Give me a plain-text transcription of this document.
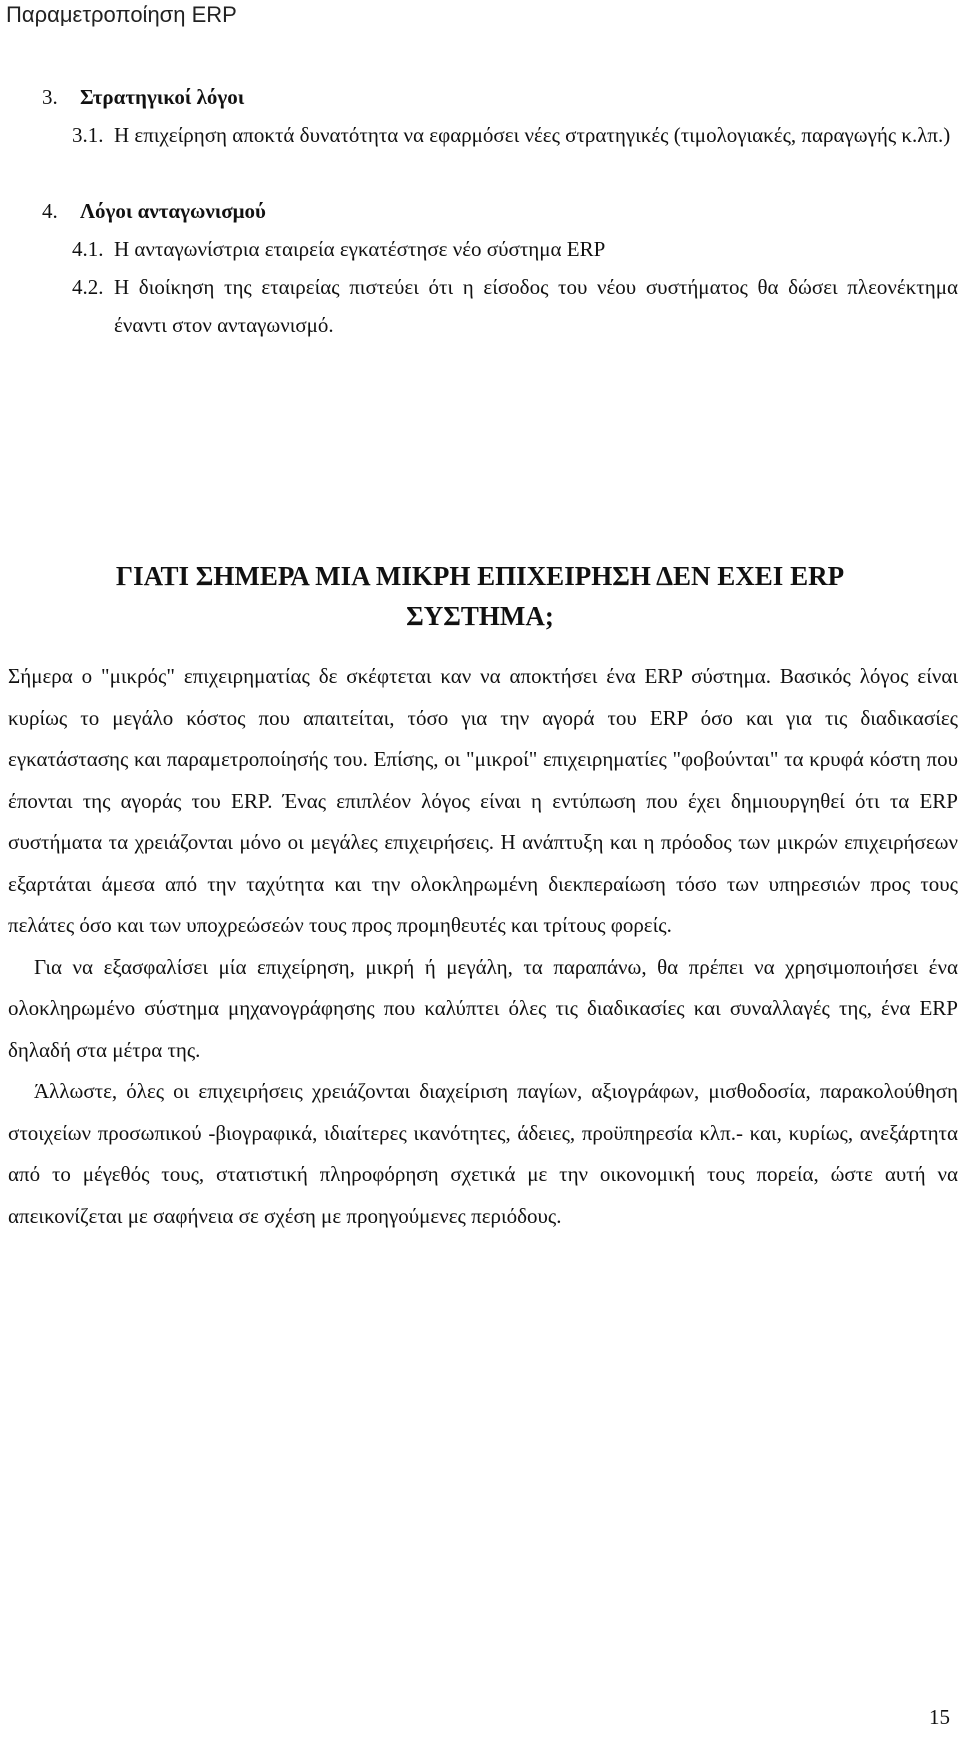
Παραμετροποίηση ERP
3.	Στρατηγικοί λόγοι
3.1. Η επιχείρηση αποκτά δυνατότητα να εφαρμόσει νέες στρατηγικές (τιμολογιακές, παραγωγής κ.λπ.)
4.	Λόγοι ανταγωνισμού
4.1. Η ανταγωνίστρια εταιρεία εγκατέστησε νέο σύστημα ERP
4.2. Η διοίκηση της εταιρείας πιστεύει ότι η είσοδος του νέου συστήματος θα δώσει πλεονέκτημα έναντι στον ανταγωνισμό.
ΓΙΑΤΙ ΣΗΜΕΡΑ ΜΙΑ ΜΙΚΡΗ ΕΠΙΧΕΙΡΗΣΗ ΔΕΝ ΕΧΕΙ ERP
ΣΥΣΤΗΜΑ;

Σήμερα ο "μικρός" επιχειρηματίας δε σκέφτεται καν να αποκτήσει ένα ERP σύστημα. Βασικός λόγος είναι κυρίως το μεγάλο κόστος που απαιτείται, τόσο για την αγορά του ERP όσο και για τις διαδικασίες εγκατάστασης και παραμετροποίησής του. Επίσης, οι "μικροί" επιχειρηματίες "φοβούνται" τα κρυφά κόστη που έπονται της αγοράς του ERP. Ένας επιπλέον λόγος είναι η εντύπωση που έχει δημιουργηθεί ότι τα ERP συστήματα τα χρειάζονται μόνο οι μεγάλες επιχειρήσεις. Η ανάπτυξη και η πρόοδος των μικρών επιχειρήσεων εξαρτάται άμεσα από την ταχύτητα και την ολοκληρωμένη διεκπεραίωση τόσο των υπηρεσιών προς τους πελάτες όσο και των υποχρεώσεών τους προς προμηθευτές και τρίτους φορείς.

Για να εξασφαλίσει μία επιχείρηση, μικρή ή μεγάλη, τα παραπάνω, θα πρέπει να χρησιμοποιήσει ένα ολοκληρωμένο σύστημα μηχανογράφησης που καλύπτει όλες τις διαδικασίες και συναλλαγές της, ένα ERP δηλαδή στα μέτρα της.

Άλλωστε, όλες οι επιχειρήσεις χρειάζονται διαχείριση παγίων, αξιογράφων, μισθοδοσία, παρακολούθηση στοιχείων προσωπικού -βιογραφικά, ιδιαίτερες ικανότητες, άδειες, προϋπηρεσία κλπ.- και, κυρίως, ανεξάρτητα από το μέγεθός τους, στατιστική πληροφόρηση σχετικά με την οικονομική τους πορεία, ώστε αυτή να απεικονίζεται με σαφήνεια σε σχέση με προηγούμενες περιόδους.

15
